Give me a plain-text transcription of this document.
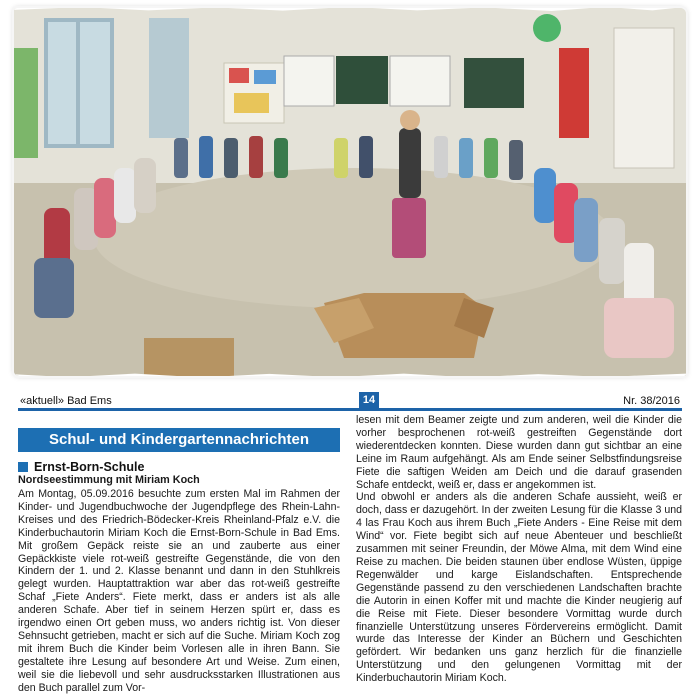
«aktuell» Bad Ems	14	Nr. 38/2016
Schul- und Kindergartennachrichten
Ernst-Born-Schule
Nordseestimmung mit Miriam Koch

Am Montag, 05.09.2016 besuchte zum ersten Mal im Rahmen der Kinder- und Jugendbuchwoche der Jugendpflege des Rhein-Lahn-Kreises und des Friedrich-Bödecker-Kreis Rheinland-Pfalz e.V. die Kinderbuchautorin Miriam Koch die Ernst-Born-Schule in Bad Ems. Mit großem Gepäck reiste sie an und zauberte aus einer Gepäckkiste viele rot-weiß gestreifte Gegenstände, die von den Kindern der 1. und 2. Klasse benannt und dann in den Stuhlkreis gelegt wurden. Hauptattraktion war aber das rot-weiß gestreifte Schaf „Fiete Anders“. Fiete merkt, dass er anders ist als alle anderen Schafe. Aber tief in seinem Herzen spürt er, dass es irgendwo einen Ort geben muss, wo anders richtig ist. Von dieser Sehnsucht getrieben, macht er sich auf die Suche. Miriam Koch zog mit ihrem Buch die Kinder beim Vorlesen alle in ihren Bann. Sie gestaltete ihre Lesung auf besondere Art und Weise. Zum einen, weil sie die liebevoll und sehr ausdrucksstarken Illustrationen aus den Buch parallel zum Vor-

lesen mit dem Beamer zeigte und zum anderen, weil die Kinder die vorher besprochenen rot-weiß gestreiften Gegenstände dort wiederentdecken konnten. Diese wurden dann gut sichtbar an eine Leine im Raum aufgehängt. Als am Ende seiner Selbstfindungsreise Fiete die saftigen Weiden am Deich und die darauf grasenden Schafe entdeckt, weiß er, dass er angekommen ist.

Und obwohl er anders als die anderen Schafe aussieht, weiß er doch, dass er dazugehört. In der zweiten Lesung für die Klasse 3 und 4 las Frau Koch aus ihrem Buch „Fiete Anders - Eine Reise mit dem Wind“ vor. Fiete begibt sich auf neue Abenteuer und beschließt zusammen mit seiner Freundin, der Möwe Alma, mit dem Wind eine Reise zu machen. Die beiden staunen über endlose Wüsten, üppige Regenwälder und karge Eislandschaften. Entsprechende Gegenstände passend zu den verschiedenen Landschaften brachte die Autorin in einen Koffer mit und machte die Kinder neugierig auf die Reise mit Fiete. Dieser besondere Vormittag wurde durch finanzielle Unterstützung unseres Fördervereins ermöglicht. Damit wurde das Interesse der Kinder an Büchern und Geschichten gefördert. Wir bedanken uns ganz herzlich für die finanzielle Unterstützung und den gelungenen Vormittag mit der Kinderbuchautorin Miriam Koch.
